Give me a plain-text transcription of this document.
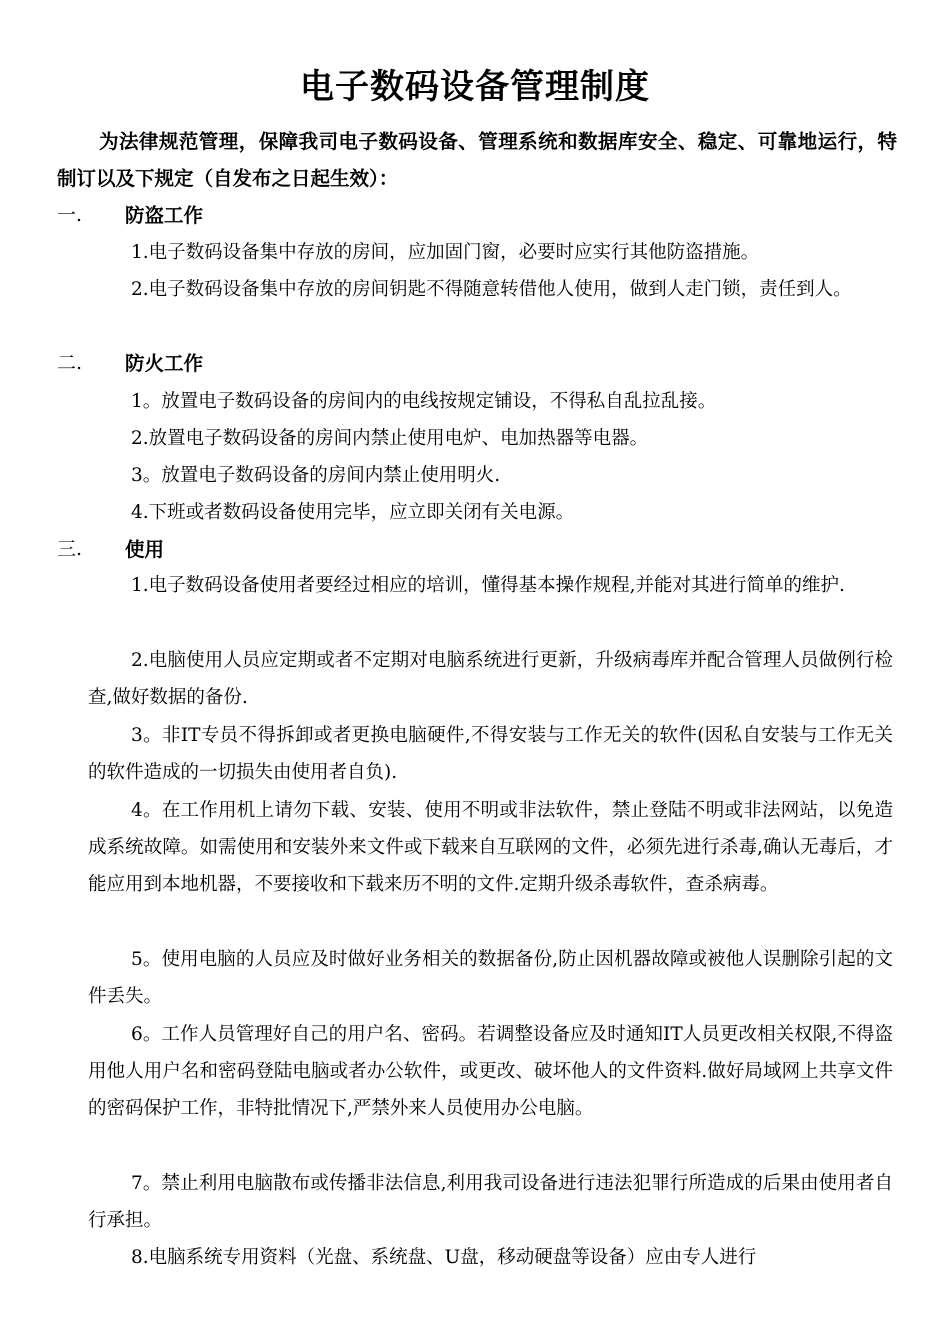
电子数码设备管理制度
为法律规范管理，保障我司电子数码设备、管理系统和数据库安全、稳定、可靠地运行，特制订以及下规定（自发布之日起生效）：
一.	防盗工作
1.电子数码设备集中存放的房间，应加固门窗，必要时应实行其他防盗措施。
2.电子数码设备集中存放的房间钥匙不得随意转借他人使用，做到人走门锁，责任到人。
二.	防火工作
1。放置电子数码设备的房间内的电线按规定铺设，不得私自乱拉乱接。
2.放置电子数码设备的房间内禁止使用电炉、电加热器等电器。
3。放置电子数码设备的房间内禁止使用明火.
4.下班或者数码设备使用完毕，应立即关闭有关电源。
三.	使用
1.电子数码设备使用者要经过相应的培训，懂得基本操作规程,并能对其进行简单的维护.
2.电脑使用人员应定期或者不定期对电脑系统进行更新，升级病毒库并配合管理人员做例行检查,做好数据的备份.
3。非IT专员不得拆卸或者更换电脑硬件,不得安装与工作无关的软件(因私自安装与工作无关的软件造成的一切损失由使用者自负).
4。在工作用机上请勿下载、安装、使用不明或非法软件，禁止登陆不明或非法网站，以免造成系统故障。如需使用和安装外来文件或下载来自互联网的文件，必须先进行杀毒,确认无毒后，才能应用到本地机器，不要接收和下载来历不明的文件.定期升级杀毒软件，查杀病毒。
5。使用电脑的人员应及时做好业务相关的数据备份,防止因机器故障或被他人误删除引起的文件丢失。
6。工作人员管理好自己的用户名、密码。若调整设备应及时通知IT人员更改相关权限,不得盗用他人用户名和密码登陆电脑或者办公软件，或更改、破坏他人的文件资料.做好局域网上共享文件的密码保护工作，非特批情况下,严禁外来人员使用办公电脑。
7。禁止利用电脑散布或传播非法信息,利用我司设备进行违法犯罪行所造成的后果由使用者自行承担。
8.电脑系统专用资料（光盘、系统盘、U盘，移动硬盘等设备）应由专人进行
